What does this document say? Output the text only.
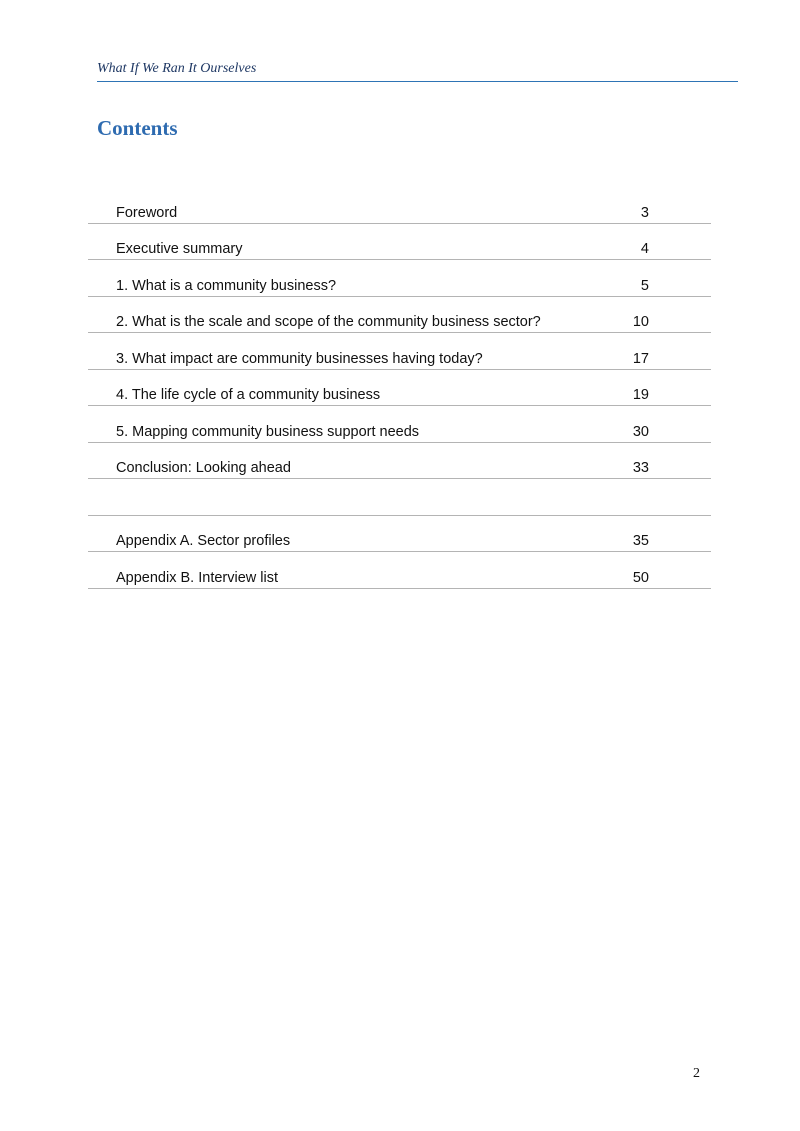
What If We Ran It Ourselves

Contents
Foreword	3
Executive summary	4
1. What is a community business?	5
2. What is the scale and scope of the community business sector?	10
3. What impact are community businesses having today?	17
4. The life cycle of a community business	19
5. Mapping community business support needs	30
Conclusion: Looking ahead	33
Appendix A. Sector profiles	35
Appendix B. Interview list	50
2
